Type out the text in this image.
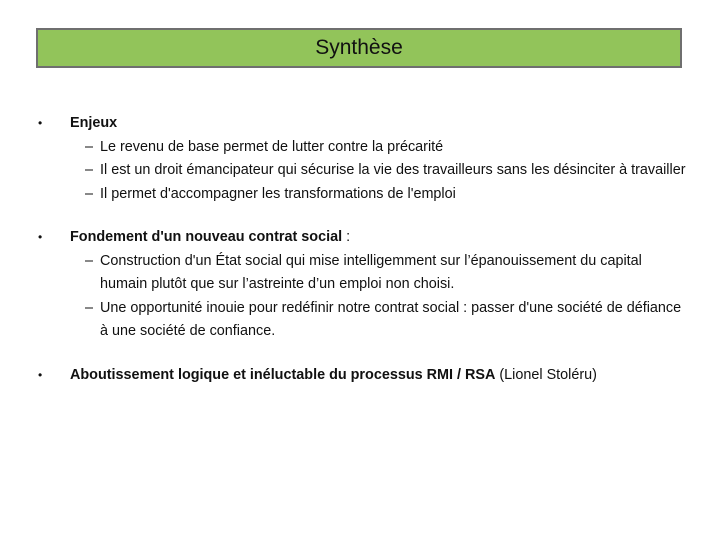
Synthèse
•	Enjeux
– Le revenu de base permet de lutter contre la précarité
– Il est un droit émancipateur qui sécurise la vie des travailleurs sans les désinciter à travailler
– Il permet d'accompagner les transformations de l'emploi
•	Fondement d'un nouveau contrat social :
– Construction d'un État social qui mise intelligemment sur l’épanouissement du capital humain plutôt que sur l’astreinte d’un emploi non choisi.
– Une opportunité inouie pour redéfinir notre contrat social : passer d'une société de défiance à une société de confiance.
•	Aboutissement logique et inéluctable du processus RMI / RSA (Lionel Stoléru)
